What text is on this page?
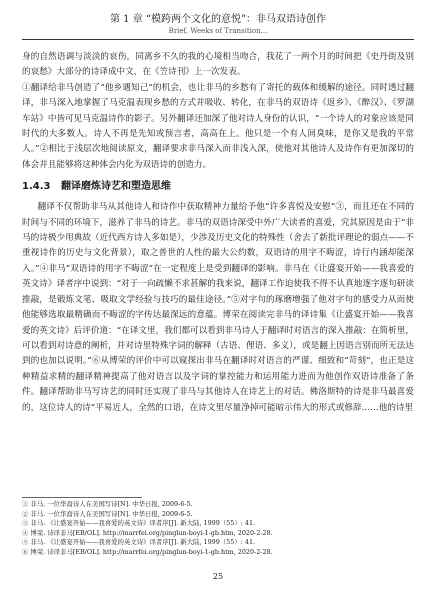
第 1 章 “模跨两个文化的意悦”：非马双语诗创作
Brief, Weeks of Transition...

身的自然语调与淡淡的哀伤，同离乡不久的我的心境相当吻合，我花了一两个月的时间把《史丹街及别的哀愁》大部分的诗译成中文，在《笠诗刊》上一次发表。

①翻译给非马创造了“他乡遇知己”的机会，也让非马的乡愁有了寄托的载体和缓解的途径。同时透过翻译，非马深入地掌握了马克温表现乡愁的方式并吸收、转化，在非马的双语诗《返乡》、《醉汉》、《罗湖车站》中皆可见马克温诗作的影子。另外翻译还加深了他对诗人身份的认识，“一个诗人的对象应该是同时代的大多数人。诗人不再是先知或预言者，高高在上。他只是一个有人间臭味，是你又是我的平常人。”②相比于浅层次地阅读原文，翻译要求非马深入而非浅入深，使他对其他诗人及诗作有更加深切的体会并且能够将这种体会内化为双语诗的创造力。

1.4.3 翻译磨炼诗艺和塑造思维

翻译不仅帮助非马从其他诗人和诗作中获取精神力量给予他“许多喜悦及安慰”③，而且还在不同的时间与不同的环境下，滋养了非马的诗艺。非马的双语诗深受中外广大读者的喜爱，究其原因是由于“非马的诗极少用典故（近代西方诗人多如是），少涉及历史文化的特殊性（舍去了新批评理论的弱点——不重视诗作的历史与文化背景），取之普世的人性的最大公约数，双语诗的用字不晦涩，诗行内涵却能深入。”④非马“双语诗的用字不晦涩”在一定程度上是受到翻译的影响。非马在《让盛宴开始——我喜爱的英文诗》译者序中说到：“对于一向疏懒不求甚解的我来说，翻译工作迫使我不得不认真地逐字逐句研读推敲，是锻炼文笔、吸取文学经验与技巧的最佳途径。”⑤对字句的琢磨增强了他对字句的感受力从而使他能够选取最精确而不晦涩的字传达最深远的意蕴。博荣在阅读完非马的译诗集《让盛宴开始——我喜爱的英文诗》后评价道：“在译文里，我们都可以看到非马诗人于翻译时对语言的深入推敲：在简析里，可以看到对诗意的阐析，并对诗里特殊字词的解释（古语、俚语、多义），或是翻上因语言别而所无法达到的也加以说明。”⑥从博荣的评价中可以窥探出非马在翻译时对语言的严谨、细致和“苛刻”，也正是这种精益求精的翻译精神提高了他对语言以及字词的掌控能力和运用能力进而为他创作双语诗准备了条件。翻译帮助非马写诗艺的同时还实现了非马与其他诗人在诗艺上的对话。佛洛斯特的诗是非马最喜爱的，这位诗人的诗“平易近人，全然的口语，在诗文里尽量净掉可能暗示伟大的形式或修辞……他的诗里

① 非马. 一位华裔诗人在美国写诗[N]. 中华日报, 2009-6-5.

② 非马. 一位华裔诗人在美国写诗[N]. 中华日报, 2009-6-5.

③ 非马. 《让盛宴开始——我喜爱的英文诗》译者序[J]. 新大陆, 1999（55）: 41.

④ 博荣. 诗译非马[EB/OL]. http://marrfei.org/pinglun-boyi-1-gb.htm, 2020-2-28.

⑤ 非马. 《让盛宴开始——我喜爱的英文诗》译者序[J]. 新大陆, 1999（55）: 41.

⑥ 博荣. 诗译非马[EB/OL]. http://marrfei.org/pinglun-boyi-1-gb.htm, 2020-2-28.

25
